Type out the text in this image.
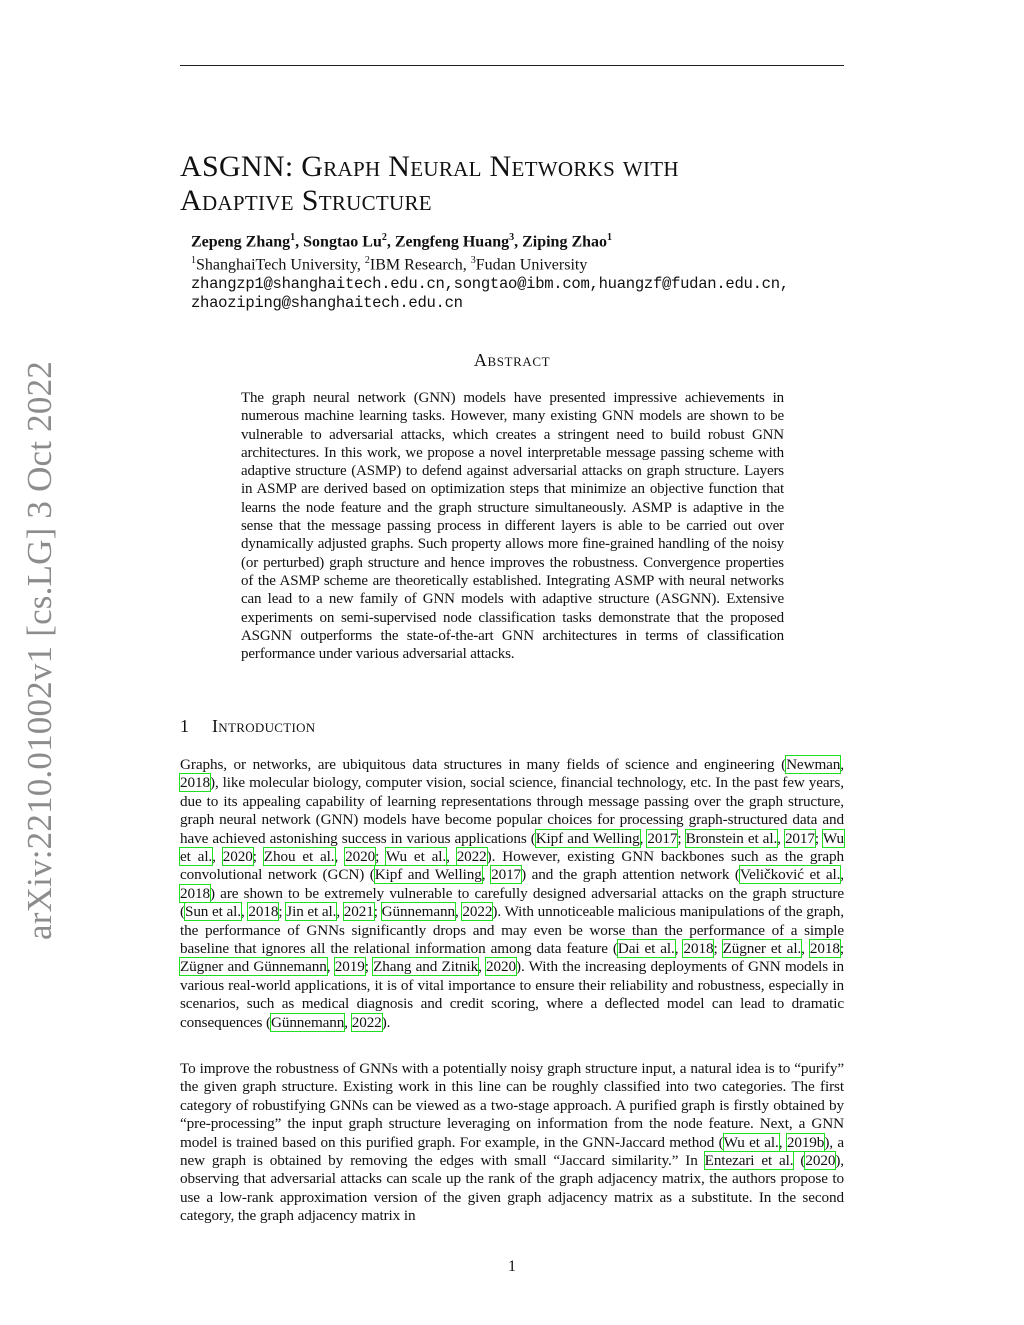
arXiv:2210.01002v1 [cs.LG] 3 Oct 2022
ASGNN: Graph Neural Networks with
Adaptive Structure
Zepeng Zhang$^1$, Songtao Lu$^2$, Zengfeng Huang$^3$, Ziping Zhao$^1$
$^1$ShanghaiTech University, $^2$IBM Research, $^3$Fudan University
zhangzp1@shanghaitech.edu.cn,songtao@ibm.com,huangzf@fudan.edu.cn,
zhaoziping@shanghaitech.edu.cn
Abstract
The graph neural network (GNN) models have presented impressive achievements in numerous machine learning tasks. However, many existing GNN models are shown to be vulnerable to adversarial attacks, which creates a stringent need to build robust GNN architectures. In this work, we propose a novel interpretable message passing scheme with adaptive structure (ASMP) to defend against adversarial attacks on graph structure. Layers in ASMP are derived based on optimization steps that minimize an objective function that learns the node feature and the graph structure simultaneously. ASMP is adaptive in the sense that the message passing process in different layers is able to be carried out over dynamically adjusted graphs. Such property allows more fine-grained handling of the noisy (or perturbed) graph structure and hence improves the robustness. Convergence properties of the ASMP scheme are theoretically established. Integrating ASMP with neural networks can lead to a new family of GNN models with adaptive structure (ASGNN). Extensive experiments on semi-supervised node classification tasks demonstrate that the proposed ASGNN outperforms the state-of-the-art GNN architectures in terms of classification performance under various adversarial attacks.
1 Introduction
Graphs, or networks, are ubiquitous data structures in many fields of science and engineering (Newman, 2018), like molecular biology, computer vision, social science, financial technology, etc. In the past few years, due to its appealing capability of learning representations through message passing over the graph structure, graph neural network (GNN) models have become popular choices for processing graph-structured data and have achieved astonishing success in various applications (Kipf and Welling, 2017; Bronstein et al., 2017; Wu et al., 2020; Zhou et al., 2020; Wu et al., 2022). However, existing GNN backbones such as the graph convolutional network (GCN) (Kipf and Welling, 2017) and the graph attention network (Veličković et al., 2018) are shown to be extremely vulnerable to carefully designed adversarial attacks on the graph structure (Sun et al., 2018; Jin et al., 2021; Günnemann, 2022). With unnoticeable malicious manipulations of the graph, the performance of GNNs significantly drops and may even be worse than the performance of a simple baseline that ignores all the relational information among data feature (Dai et al., 2018; Zügner et al., 2018; Zügner and Günnemann, 2019; Zhang and Zitnik, 2020). With the increasing deployments of GNN models in various real-world applications, it is of vital importance to ensure their reliability and robustness, especially in scenarios, such as medical diagnosis and credit scoring, where a deflected model can lead to dramatic consequences (Günnemann, 2022).
To improve the robustness of GNNs with a potentially noisy graph structure input, a natural idea is to “purify” the given graph structure. Existing work in this line can be roughly classified into two categories. The first category of robustifying GNNs can be viewed as a two-stage approach. A purified graph is firstly obtained by “pre-processing” the input graph structure leveraging on information from the node feature. Next, a GNN model is trained based on this purified graph. For example, in the GNN-Jaccard method (Wu et al., 2019b), a new graph is obtained by removing the edges with small “Jaccard similarity.” In Entezari et al. (2020), observing that adversarial attacks can scale up the rank of the graph adjacency matrix, the authors propose to use a low-rank approximation version of the given graph adjacency matrix as a substitute. In the second category, the graph adjacency matrix in
1
